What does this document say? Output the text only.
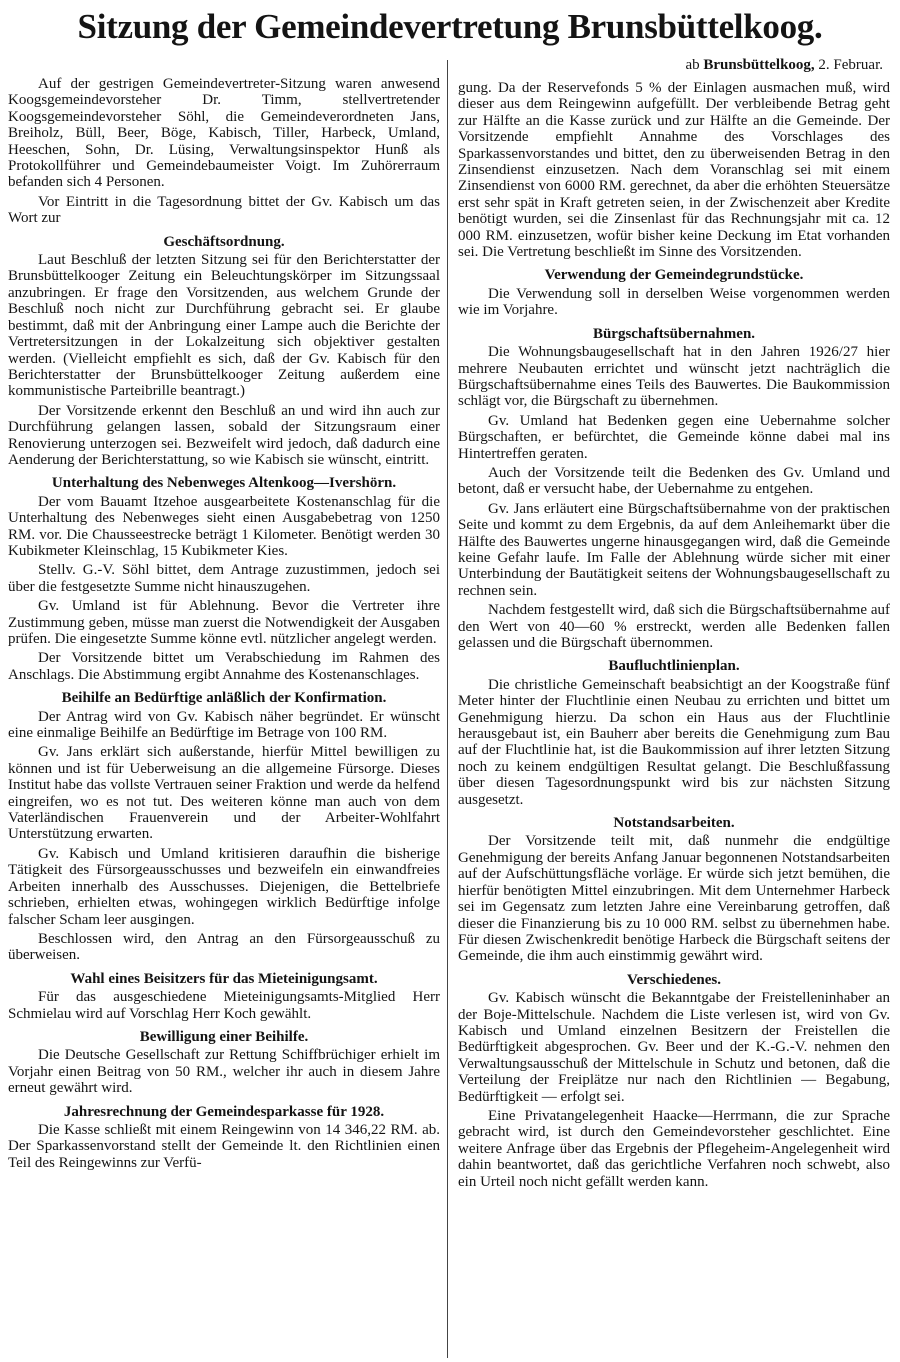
Sitzung der Gemeindevertretung Brunsbüttelkoog.
ab Brunsbüttelkoog, 2. Februar.

Auf der gestrigen Gemeindevertreter-Sitzung waren anwesend Koogsgemeindevorsteher Dr. Timm, stellvertretender Koogsgemeindevorsteher Söhl, die Gemeindeverordneten Jans, Breiholz, Büll, Beer, Böge, Kabisch, Tiller, Harbeck, Umland, Heeschen, Sohn, Dr. Lüsing, Verwaltungsinspektor Hunß als Protokollführer und Gemeindebaumeister Voigt. Im Zuhörerraum befanden sich 4 Personen.

Vor Eintritt in die Tagesordnung bittet der Gv. Kabisch um das Wort zur

Geschäftsordnung.

Laut Beschluß der letzten Sitzung sei für den Berichterstatter der Brunsbüttelkooger Zeitung ein Beleuchtungskörper im Sitzungssaal anzubringen. Er frage den Vorsitzenden, aus welchem Grunde der Beschluß noch nicht zur Durchführung gebracht sei. Er glaube bestimmt, daß mit der Anbringung einer Lampe auch die Berichte der Vertretersitzungen in der Lokalzeitung sich objektiver gestalten werden. (Vielleicht empfiehlt es sich, daß der Gv. Kabisch für den Berichterstatter der Brunsbüttelkooger Zeitung außerdem eine kommunistische Parteibrille beantragt.)

Der Vorsitzende erkennt den Beschluß an und wird ihn auch zur Durchführung gelangen lassen, sobald der Sitzungsraum einer Renovierung unterzogen sei. Bezweifelt wird jedoch, daß dadurch eine Aenderung der Berichterstattung, so wie Kabisch sie wünscht, eintritt.

Unterhaltung des Nebenweges Altenkoog—Ivershörn.

Der vom Bauamt Itzehoe ausgearbeitete Kostenanschlag für die Unterhaltung des Nebenweges sieht einen Ausgabebetrag von 1250 RM. vor. Die Chausseestrecke beträgt 1 Kilometer. Benötigt werden 30 Kubikmeter Kleinschlag, 15 Kubikmeter Kies.

Stellv. G.-V. Söhl bittet, dem Antrage zuzustimmen, jedoch sei über die festgesetzte Summe nicht hinauszugehen.

Gv. Umland ist für Ablehnung. Bevor die Vertreter ihre Zustimmung geben, müsse man zuerst die Notwendigkeit der Ausgaben prüfen. Die eingesetzte Summe könne evtl. nützlicher angelegt werden.

Der Vorsitzende bittet um Verabschiedung im Rahmen des Anschlags. Die Abstimmung ergibt Annahme des Kostenanschlages.

Beihilfe an Bedürftige anläßlich der Konfirmation.

Der Antrag wird von Gv. Kabisch näher begründet. Er wünscht eine einmalige Beihilfe an Bedürftige im Betrage von 100 RM.

Gv. Jans erklärt sich außerstande, hierfür Mittel bewilligen zu können und ist für Ueberweisung an die allgemeine Fürsorge. Dieses Institut habe das vollste Vertrauen seiner Fraktion und werde da helfend eingreifen, wo es not tut. Des weiteren könne man auch von dem Vaterländischen Frauenverein und der Arbeiter-Wohlfahrt Unterstützung erwarten.

Gv. Kabisch und Umland kritisieren daraufhin die bisherige Tätigkeit des Fürsorgeausschusses und bezweifeln ein einwandfreies Arbeiten innerhalb des Ausschusses. Diejenigen, die Bettelbriefe schrieben, erhielten etwas, wohingegen wirklich Bedürftige infolge falscher Scham leer ausgingen.

Beschlossen wird, den Antrag an den Fürsorgeausschuß zu überweisen.

Wahl eines Beisitzers für das Mieteinigungsamt.

Für das ausgeschiedene Mieteinigungsamts-Mitglied Herr Schmielau wird auf Vorschlag Herr Koch gewählt.

Bewilligung einer Beihilfe.

Die Deutsche Gesellschaft zur Rettung Schiffbrüchiger erhielt im Vorjahr einen Beitrag von 50 RM., welcher ihr auch in diesem Jahre erneut gewährt wird.

Jahresrechnung der Gemeindesparkasse für 1928.

Die Kasse schließt mit einem Reingewinn von 14 346,22 RM. ab. Der Sparkassenvorstand stellt der Gemeinde lt. den Richtlinien einen Teil des Reingewinns zur Verfü-

gung. Da der Reservefonds 5 % der Einlagen ausmachen muß, wird dieser aus dem Reingewinn aufgefüllt. Der verbleibende Betrag geht zur Hälfte an die Kasse zurück und zur Hälfte an die Gemeinde. Der Vorsitzende empfiehlt Annahme des Vorschlages des Sparkassenvorstandes und bittet, den zu überweisenden Betrag in den Zinsendienst einzusetzen. Nach dem Voranschlag sei mit einem Zinsendienst von 6000 RM. gerechnet, da aber die erhöhten Steuersätze erst sehr spät in Kraft getreten seien, in der Zwischenzeit aber Kredite benötigt wurden, sei die Zinsenlast für das Rechnungsjahr mit ca. 12 000 RM. einzusetzen, wofür bisher keine Deckung im Etat vorhanden sei. Die Vertretung beschließt im Sinne des Vorsitzenden.

Verwendung der Gemeindegrundstücke.

Die Verwendung soll in derselben Weise vorgenommen werden wie im Vorjahre.

Bürgschaftsübernahmen.

Die Wohnungsbaugesellschaft hat in den Jahren 1926/27 hier mehrere Neubauten errichtet und wünscht jetzt nachträglich die Bürgschaftsübernahme eines Teils des Bauwertes. Die Baukommission schlägt vor, die Bürgschaft zu übernehmen.

Gv. Umland hat Bedenken gegen eine Uebernahme solcher Bürgschaften, er befürchtet, die Gemeinde könne dabei mal ins Hintertreffen geraten.

Auch der Vorsitzende teilt die Bedenken des Gv. Umland und betont, daß er versucht habe, der Uebernahme zu entgehen.

Gv. Jans erläutert eine Bürgschaftsübernahme von der praktischen Seite und kommt zu dem Ergebnis, da auf dem Anleihemarkt über die Hälfte des Bauwertes ungerne hinausgegangen wird, daß die Gemeinde keine Gefahr laufe. Im Falle der Ablehnung würde sicher mit einer Unterbindung der Bautätigkeit seitens der Wohnungsbaugesellschaft zu rechnen sein.

Nachdem festgestellt wird, daß sich die Bürgschaftsübernahme auf den Wert von 40—60 % erstreckt, werden alle Bedenken fallen gelassen und die Bürgschaft übernommen.

Baufluchtlinienplan.

Die christliche Gemeinschaft beabsichtigt an der Koogstraße fünf Meter hinter der Fluchtlinie einen Neubau zu errichten und bittet um Genehmigung hierzu. Da schon ein Haus aus der Fluchtlinie herausgebaut ist, ein Bauherr aber bereits die Genehmigung zum Bau auf der Fluchtlinie hat, ist die Baukommission auf ihrer letzten Sitzung noch zu keinem endgültigen Resultat gelangt. Die Beschlußfassung über diesen Tagesordnungspunkt wird bis zur nächsten Sitzung ausgesetzt.

Notstandsarbeiten.

Der Vorsitzende teilt mit, daß nunmehr die endgültige Genehmigung der bereits Anfang Januar begonnenen Notstandsarbeiten auf der Aufschüttungsfläche vorläge. Er würde sich jetzt bemühen, die hierfür benötigten Mittel einzubringen. Mit dem Unternehmer Harbeck sei im Gegensatz zum letzten Jahre eine Vereinbarung getroffen, daß dieser die Finanzierung bis zu 10 000 RM. selbst zu übernehmen habe. Für diesen Zwischenkredit benötige Harbeck die Bürgschaft seitens der Gemeinde, die ihm auch einstimmig gewährt wird.

Verschiedenes.

Gv. Kabisch wünscht die Bekanntgabe der Freistelleninhaber an der Boje-Mittelschule. Nachdem die Liste verlesen ist, wird von Gv. Kabisch und Umland einzelnen Besitzern der Freistellen die Bedürftigkeit abgesprochen. Gv. Beer und der K.-G.-V. nehmen den Verwaltungsausschuß der Mittelschule in Schutz und betonen, daß die Verteilung der Freiplätze nur nach den Richtlinien — Begabung, Bedürftigkeit — erfolgt sei.

Eine Privatangelegenheit Haacke—Herrmann, die zur Sprache gebracht wird, ist durch den Gemeindevorsteher geschlichtet. Eine weitere Anfrage über das Ergebnis der Pflegeheim-Angelegenheit wird dahin beantwortet, daß das gerichtliche Verfahren noch schwebt, also ein Urteil noch nicht gefällt werden kann.
